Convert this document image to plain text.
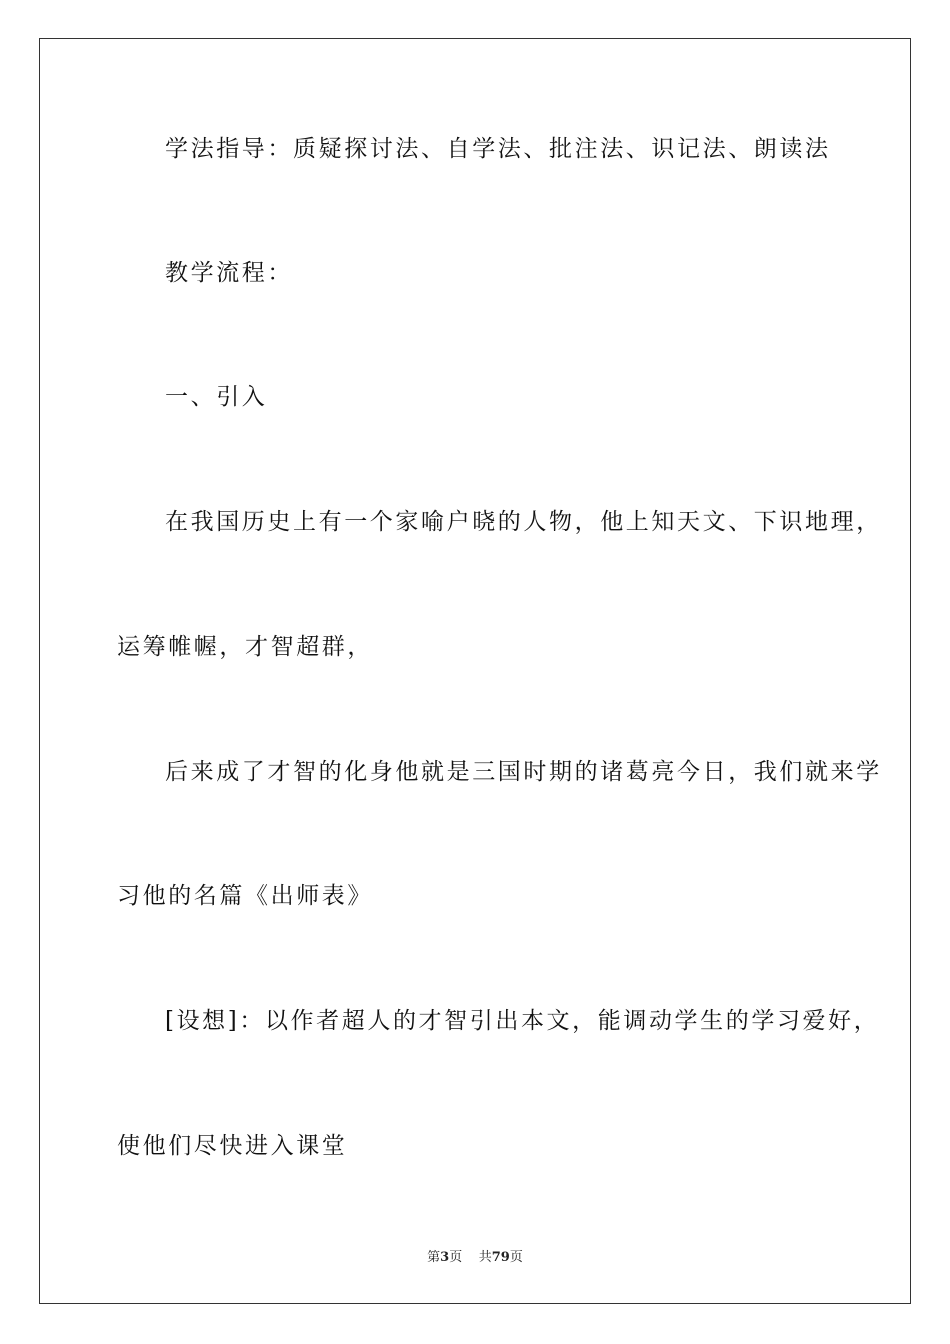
学法指导：质疑探讨法、自学法、批注法、识记法、朗读法
教学流程：
一、引入
在我国历史上有一个家喻户晓的人物，他上知天文、下识地理，
运筹帷幄，才智超群，
后来成了才智的化身他就是三国时期的诸葛亮今日，我们就来学
习他的名篇《出师表》
[设想]：以作者超人的才智引出本文，能调动学生的学习爱好，
使他们尽快进入课堂
第3页 共79页
